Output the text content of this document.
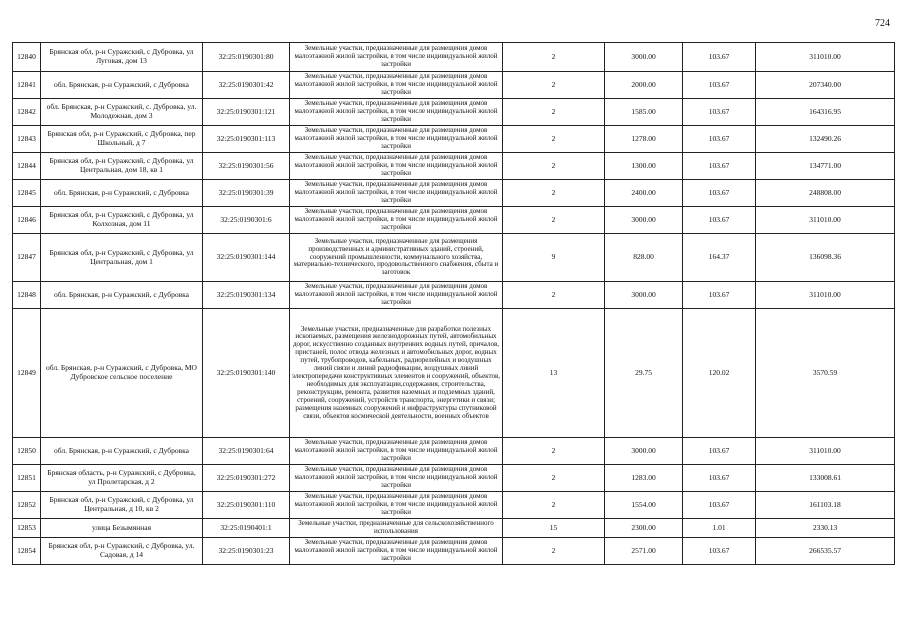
724
12840	Брянская обл, р-н Суражский, с Дубровка, ул Луговая, дом 13	32:25:0190301:80	Земельные участки, предназначенные для размещения домов малоэтажной жилой застройки, в том числе индивидуальной жилой застройки	2	3000.00	103.67	311010.00
12841	обл. Брянская, р-н Суражский, с Дубровка	32:25:0190301:42	Земельные участки, предназначенные для размещения домов малоэтажной жилой застройки, в том числе индивидуальной жилой застройки	2	2000.00	103.67	207340.00
12842	обл. Брянская, р-н Суражский, с. Дубровка, ул. Молодежная, дом 3	32:25:0190301:121	Земельные участки, предназначенные для размещения домов малоэтажной жилой застройки, в том числе индивидуальной жилой застройки	2	1585.00	103.67	164316.95
12843	Брянская обл, р-н Суражский, с Дубровка, пер Школьный, д 7	32:25:0190301:113	Земельные участки, предназначенные для размещения домов малоэтажной жилой застройки, в том числе индивидуальной жилой застройки	2	1278.00	103.67	132490.26
12844	Брянская обл, р-н Суражский, с Дубровка, ул Центральная, дом 18, кв 1	32:25:0190301:56	Земельные участки, предназначенные для размещения домов малоэтажной жилой застройки, в том числе индивидуальной жилой застройки	2	1300.00	103.67	134771.00
12845	обл. Брянская, р-н Суражский, с Дубровка	32:25:0190301:39	Земельные участки, предназначенные для размещения домов малоэтажной жилой застройки, в том числе индивидуальной жилой застройки	2	2400.00	103.67	248808.00
12846	Брянская обл, р-н Суражский, с Дубровка, ул Колхозная, дом 11	32:25:0190301:6	Земельные участки, предназначенные для размещения домов малоэтажной жилой застройки, в том числе индивидуальной жилой застройки	2	3000.00	103.67	311010.00
12847	Брянская обл, р-н Суражский, с Дубровка, ул Центральная, дом 1	32:25:0190301:144	Земельные участки, предназначенные для размещения производственных и административных зданий, строений, сооружений промышленности, коммунального хозяйства, материально-технического, продовольственного снабжения, сбыта и заготовок	9	828.00	164.37	136098.36
12848	обл. Брянская, р-н Суражский, с Дубровка	32:25:0190301:134	Земельные участки, предназначенные для размещения домов малоэтажной жилой застройки, в том числе индивидуальной жилой застройки	2	3000.00	103.67	311010.00
12849	обл. Брянская, р-н Суражский, с Дубровка, МО Дубровское сельское поселение	32:25:0190301:140	Земельные участки, предназначенные для разработки полезных ископаемых, размещения железнодорожных путей, автомобильных дорог, искусственно созданных внутренних водных путей, причалов, пристаней, полос отвода железных и автомобильных дорог, водных путей, трубопроводов, кабельных, радиорелейных и воздушных линий связи и линий радиофикации, воздушных линий электропередачи конструктивных элементов и сооружений, объектов, необходимых для эксплуатации,содержания, строительства, реконструкции, ремонта, развития наземных и подземных зданий, строений, сооружений, устройств транспорта, энергетики и связи; размещения наземных сооружений и инфраструктуры спутниковой связи, объектов космической деятельности, военных объектов	13	29.75	120.02	3570.59
12850	обл. Брянская, р-н Суражский, с Дубровка	32:25:0190301:64	Земельные участки, предназначенные для размещения домов малоэтажной жилой застройки, в том числе индивидуальной жилой застройки	2	3000.00	103.67	311010.00
12851	Брянская область, р-н Суражский, с Дубровка, ул Пролетарская, д 2	32:25:0190301:272	Земельные участки, предназначенные для размещения домов малоэтажной жилой застройки, в том числе индивидуальной жилой застройки	2	1283.00	103.67	133008.61
12852	Брянская обл, р-н Суражский, с Дубровка, ул Центральная, д 10, кв 2	32:25:0190301:110	Земельные участки, предназначенные для размещения домов малоэтажной жилой застройки, в том числе индивидуальной жилой застройки	2	1554.00	103.67	161103.18
12853	улица Безымянная	32:25:0190401:1	Земельные участки, предназначенные для сельскохозяйственного использования	15	2300.00	1.01	2330.13
12854	Брянская обл, р-н Суражский, с Дубровка, ул. Садовая, д 14	32:25:0190301:23	Земельные участки, предназначенные для размещения домов малоэтажной жилой застройки, в том числе индивидуальной жилой застройки	2	2571.00	103.67	266535.57
